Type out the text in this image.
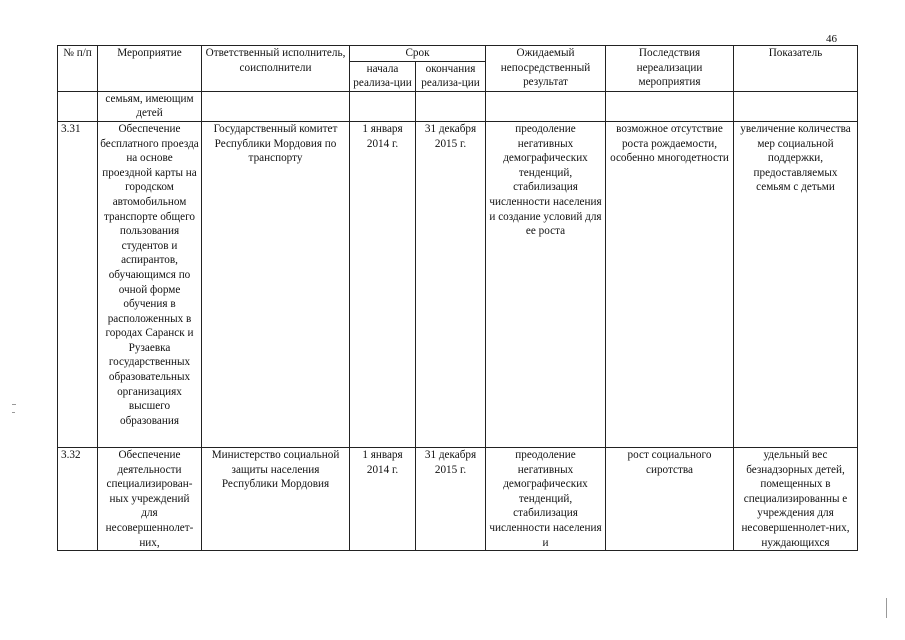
46
№ п/п	Мероприятие	Ответственный исполнитель, соисполнители	Срок		Ожидаемый непосредственный результат	Последствия нереализации мероприятия	Показатель
			начала реализа-ции	окончания реализа-ции			
	семьям, имеющим детей						
3.31	Обеспечение бесплатного проезда на основе проездной карты на городском автомобильном транспорте общего пользования студентов и аспирантов, обучающимся по очной форме обучения в расположенных в городах Саранск и Рузаевка государственных образовательных организациях высшего образования	Государственный комитет Республики Мордовия по транспорту	1 января 2014 г.	31 декабря 2015 г.	преодоление негативных демографических тенденций, стабилизация численности населения и создание условий для ее роста	возможное отсутствие роста рождаемости, особенно многодетности	увеличение количества мер социальной поддержки, предоставляемых семьям с детьми
3.32	Обеспечение деятельности специализирован-ных учреждений для несовершеннолет-них,	Министерство социальной защиты населения Республики Мордовия	1 января 2014 г.	31 декабря 2015 г.	преодоление негативных демографических тенденций, стабилизация численности населения и	рост социального сиротства	удельный вес безнадзорных детей, помещенных в специализированны е учреждения для несовершеннолет-них, нуждающихся
